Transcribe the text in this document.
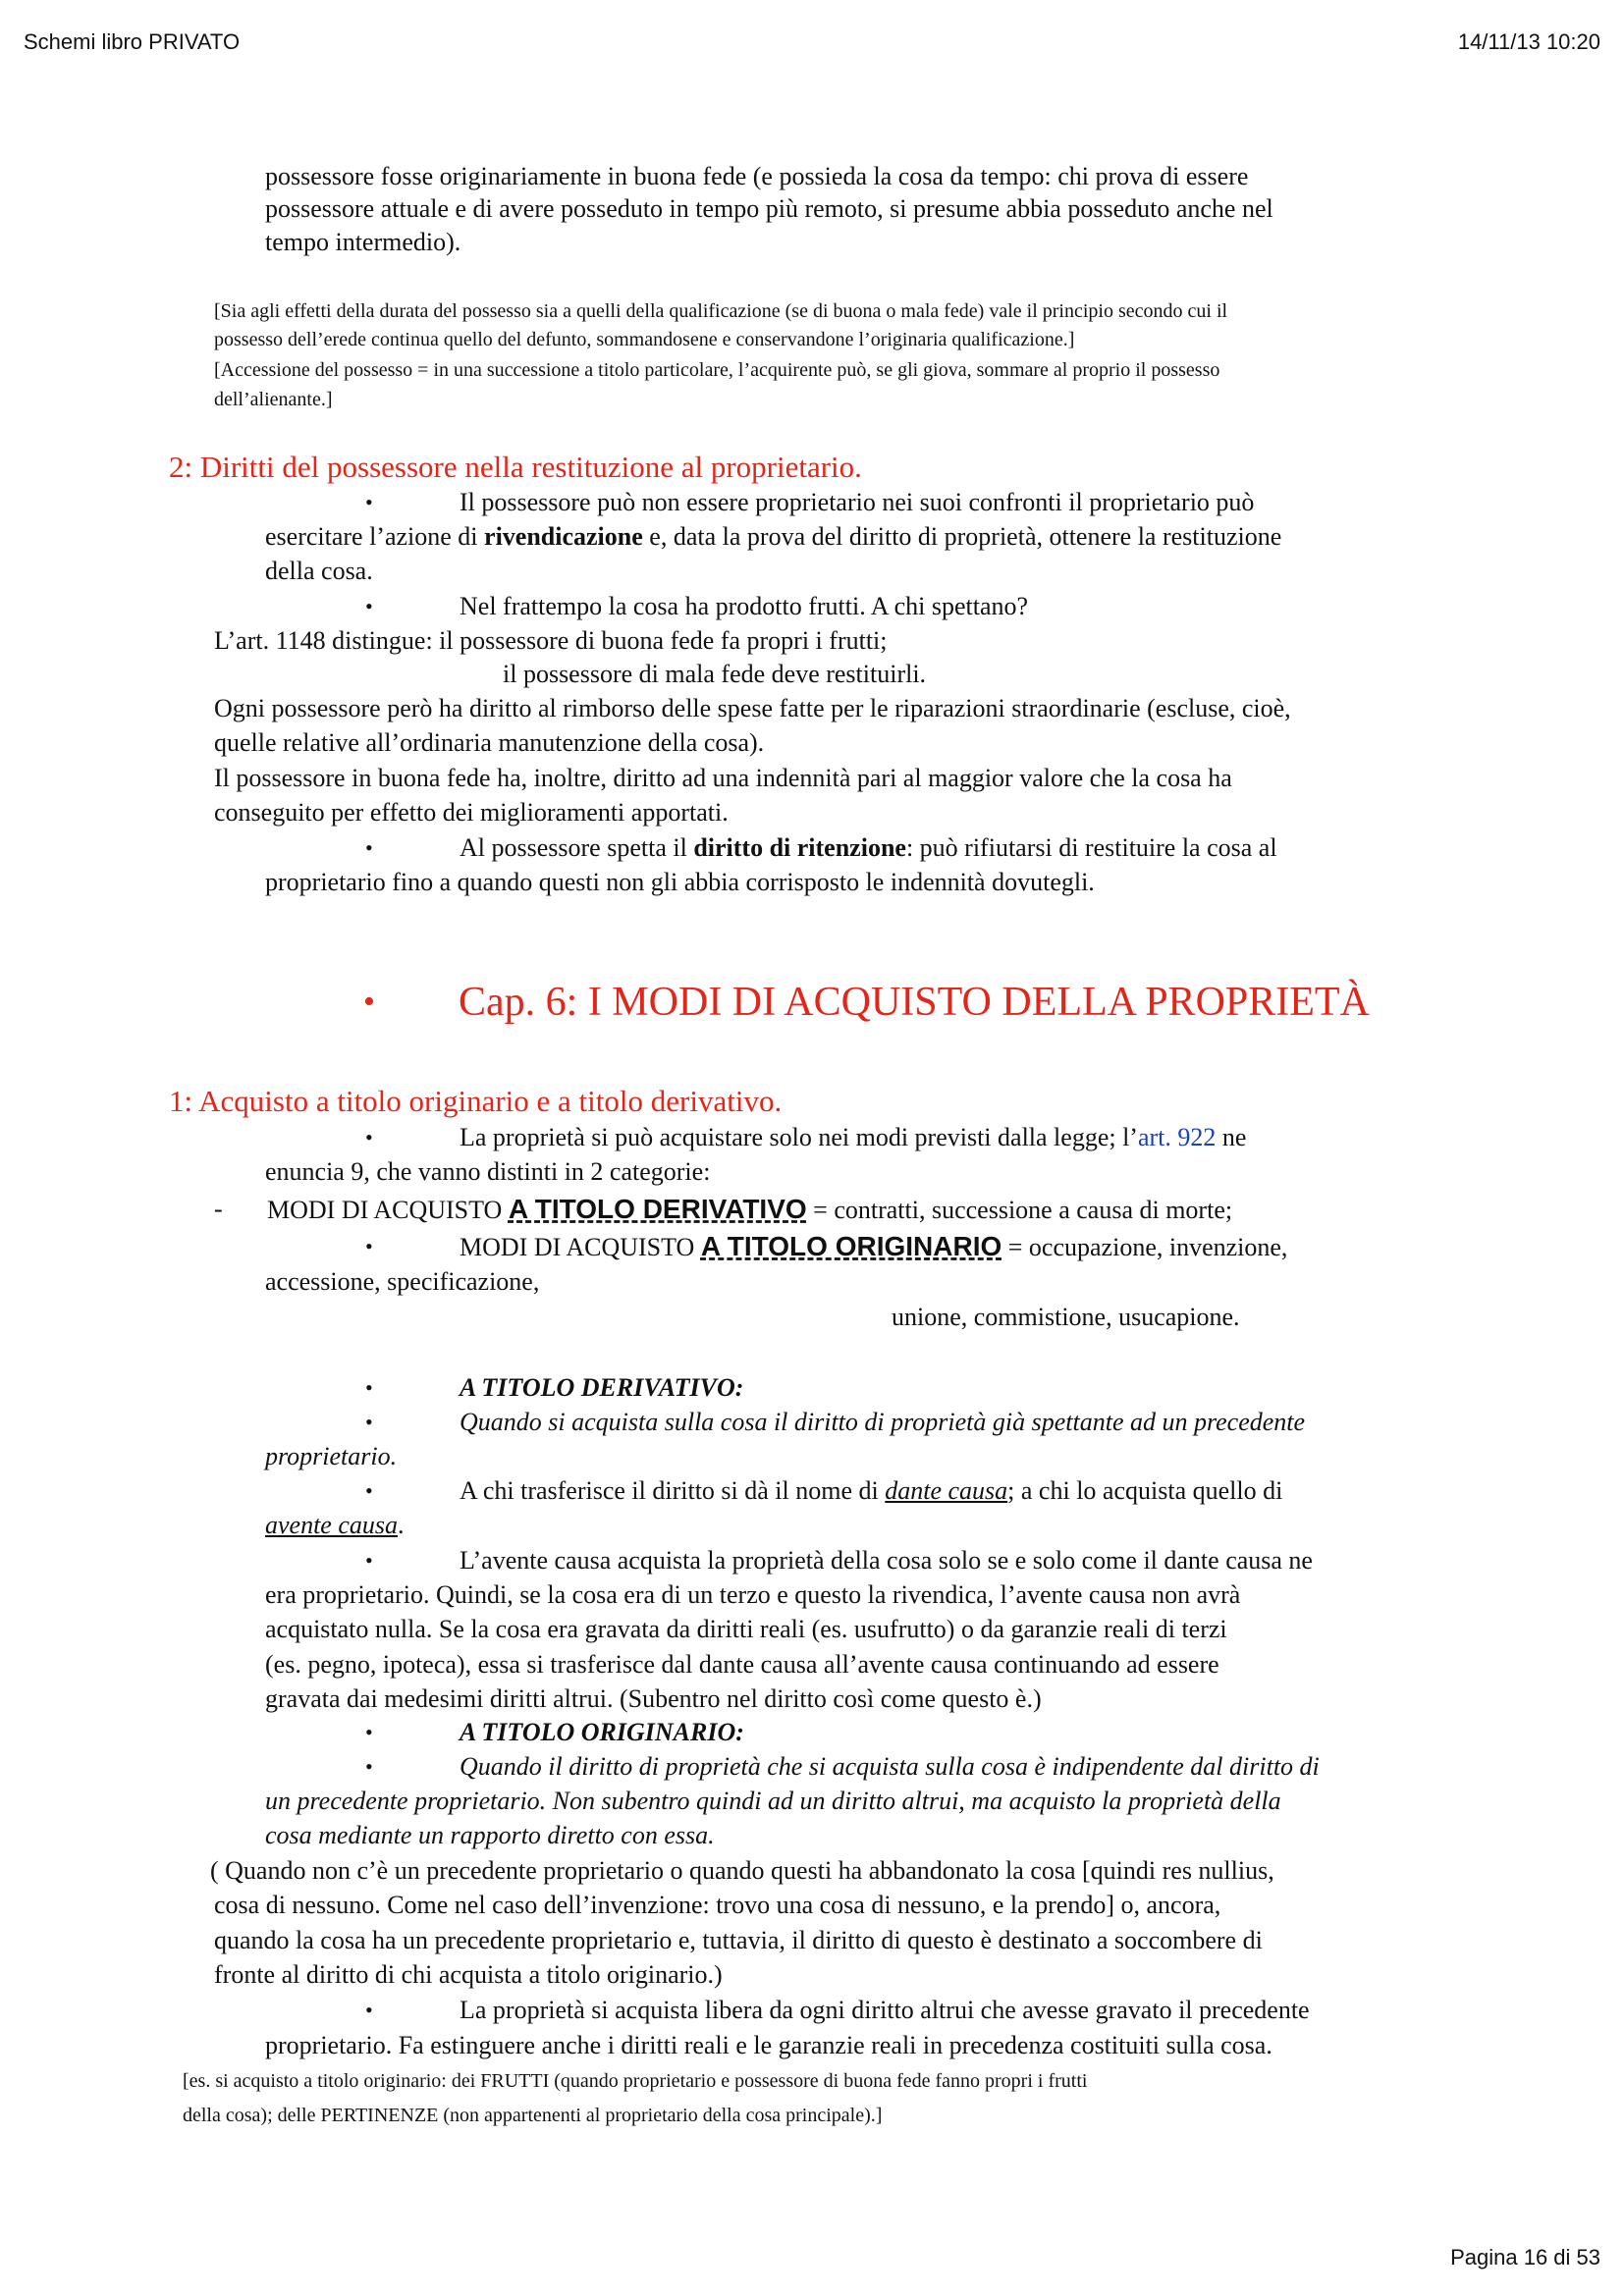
Schemi libro PRIVATO	14/11/13 10:20
possessore fosse originariamente in buona fede (e possieda la cosa da tempo: chi prova di essere
possessore attuale e di avere posseduto in tempo più remoto, si presume abbia posseduto anche nel
tempo intermedio).
[Sia agli effetti della durata del possesso sia a quelli della qualificazione (se di buona o mala fede) vale il principio secondo cui il
possesso dell’erede continua quello del defunto, sommandosene e conservandone l’originaria qualificazione.]
[Accessione del possesso = in una successione a titolo particolare, l’acquirente può, se gli giova, sommare al proprio il possesso
dell’alienante.]
2: Diritti del possessore nella restituzione al proprietario.
•	Il possessore può non essere proprietario nei suoi confronti il proprietario può
esercitare l’azione di rivendicazione e, data la prova del diritto di proprietà, ottenere la restituzione
della cosa.
•	Nel frattempo la cosa ha prodotto frutti. A chi spettano?
L’art. 1148 distingue: il possessore di buona fede fa propri i frutti;
il possessore di mala fede deve restituirli.
Ogni possessore però ha diritto al rimborso delle spese fatte per le riparazioni straordinarie (escluse, cioè,
quelle relative all’ordinaria manutenzione della cosa).
Il possessore in buona fede ha, inoltre, diritto ad una indennità pari al maggior valore che la cosa ha
conseguito per effetto dei miglioramenti apportati.
•	Al possessore spetta il diritto di ritenzione: può rifiutarsi di restituire la cosa al
proprietario fino a quando questi non gli abbia corrisposto le indennità dovutegli.
• Cap. 6: I MODI DI ACQUISTO DELLA PROPRIETÀ
1: Acquisto a titolo originario e a titolo derivativo.
•	La proprietà si può acquistare solo nei modi previsti dalla legge; l’art. 922 ne
enuncia 9, che vanno distinti in 2 categorie:
- MODI DI ACQUISTO A TITOLO DERIVATIVO = contratti, successione a causa di morte;
•	MODI DI ACQUISTO A TITOLO ORIGINARIO = occupazione, invenzione,
accessione, specificazione,
unione, commistione, usucapione.
•	A TITOLO DERIVATIVO:
•	Quando si acquista sulla cosa il diritto di proprietà già spettante ad un precedente
proprietario.
•	A chi trasferisce il diritto si dà il nome di dante causa; a chi lo acquista quello di
avente causa.
•	L’avente causa acquista la proprietà della cosa solo se e solo come il dante causa ne
era proprietario. Quindi, se la cosa era di un terzo e questo la rivendica, l’avente causa non avrà
acquistato nulla. Se la cosa era gravata da diritti reali (es. usufrutto) o da garanzie reali di terzi
(es. pegno, ipoteca), essa si trasferisce dal dante causa all’avente causa continuando ad essere
gravata dai medesimi diritti altrui. (Subentro nel diritto così come questo è.)
•	A TITOLO ORIGINARIO:
•	Quando il diritto di proprietà che si acquista sulla cosa è indipendente dal diritto di
un precedente proprietario. Non subentro quindi ad un diritto altrui, ma acquisto la proprietà della
cosa mediante un rapporto diretto con essa.
( Quando non c’è un precedente proprietario o quando questi ha abbandonato la cosa [quindi res nullius,
cosa di nessuno. Come nel caso dell’invenzione: trovo una cosa di nessuno, e la prendo] o, ancora,
quando la cosa ha un precedente proprietario e, tuttavia, il diritto di questo è destinato a soccombere di
fronte al diritto di chi acquista a titolo originario.)
•	La proprietà si acquista libera da ogni diritto altrui che avesse gravato il precedente
proprietario. Fa estinguere anche i diritti reali e le garanzie reali in precedenza costituiti sulla cosa.
[es. si acquisto a titolo originario: dei FRUTTI (quando proprietario e possessore di buona fede fanno propri i frutti
della cosa); delle PERTINENZE (non appartenenti al proprietario della cosa principale).]
Pagina 16 di 53
